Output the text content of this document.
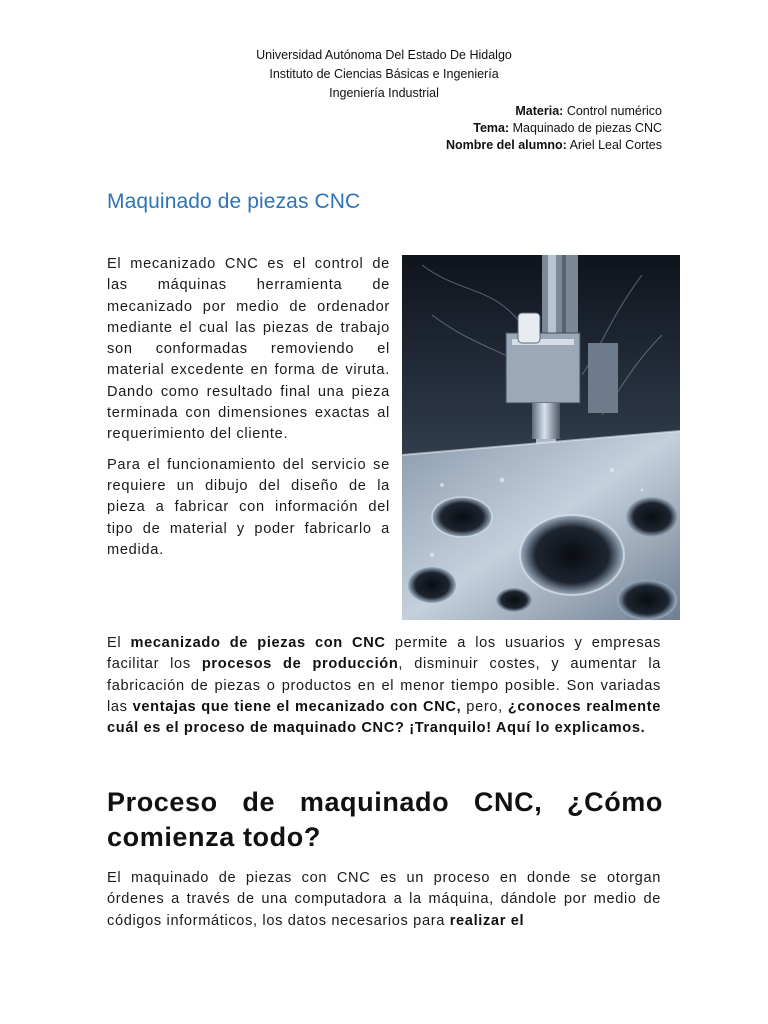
Universidad Autónoma Del Estado De Hidalgo
Instituto de Ciencias Básicas e Ingeniería
Ingeniería Industrial
Materia: Control numérico
Tema: Maquinado de piezas CNC
Nombre del alumno: Ariel Leal Cortes
Maquinado de piezas CNC

El mecanizado CNC es el control de las máquinas herramienta de mecanizado por medio de ordenador mediante el cual las piezas de trabajo son conformadas removiendo el material excedente en forma de viruta. Dando como resultado final una pieza terminada con dimensiones exactas al requerimiento del cliente.

Para el funcionamiento del servicio se requiere un dibujo del diseño de la pieza a fabricar con información del tipo de material y poder fabricarlo a medida.

El mecanizado de piezas con CNC permite a los usuarios y empresas facilitar los procesos de producción, disminuir costes, y aumentar la fabricación de piezas o productos en el menor tiempo posible. Son variadas las ventajas que tiene el mecanizado con CNC, pero, ¿conoces realmente cuál es el proceso de maquinado CNC? ¡Tranquilo! Aquí lo explicamos.
Proceso de maquinado CNC, ¿Cómo comienza todo?
El maquinado de piezas con CNC es un proceso en donde se otorgan órdenes a través de una computadora a la máquina, dándole por medio de códigos informáticos, los datos necesarios para realizar el
